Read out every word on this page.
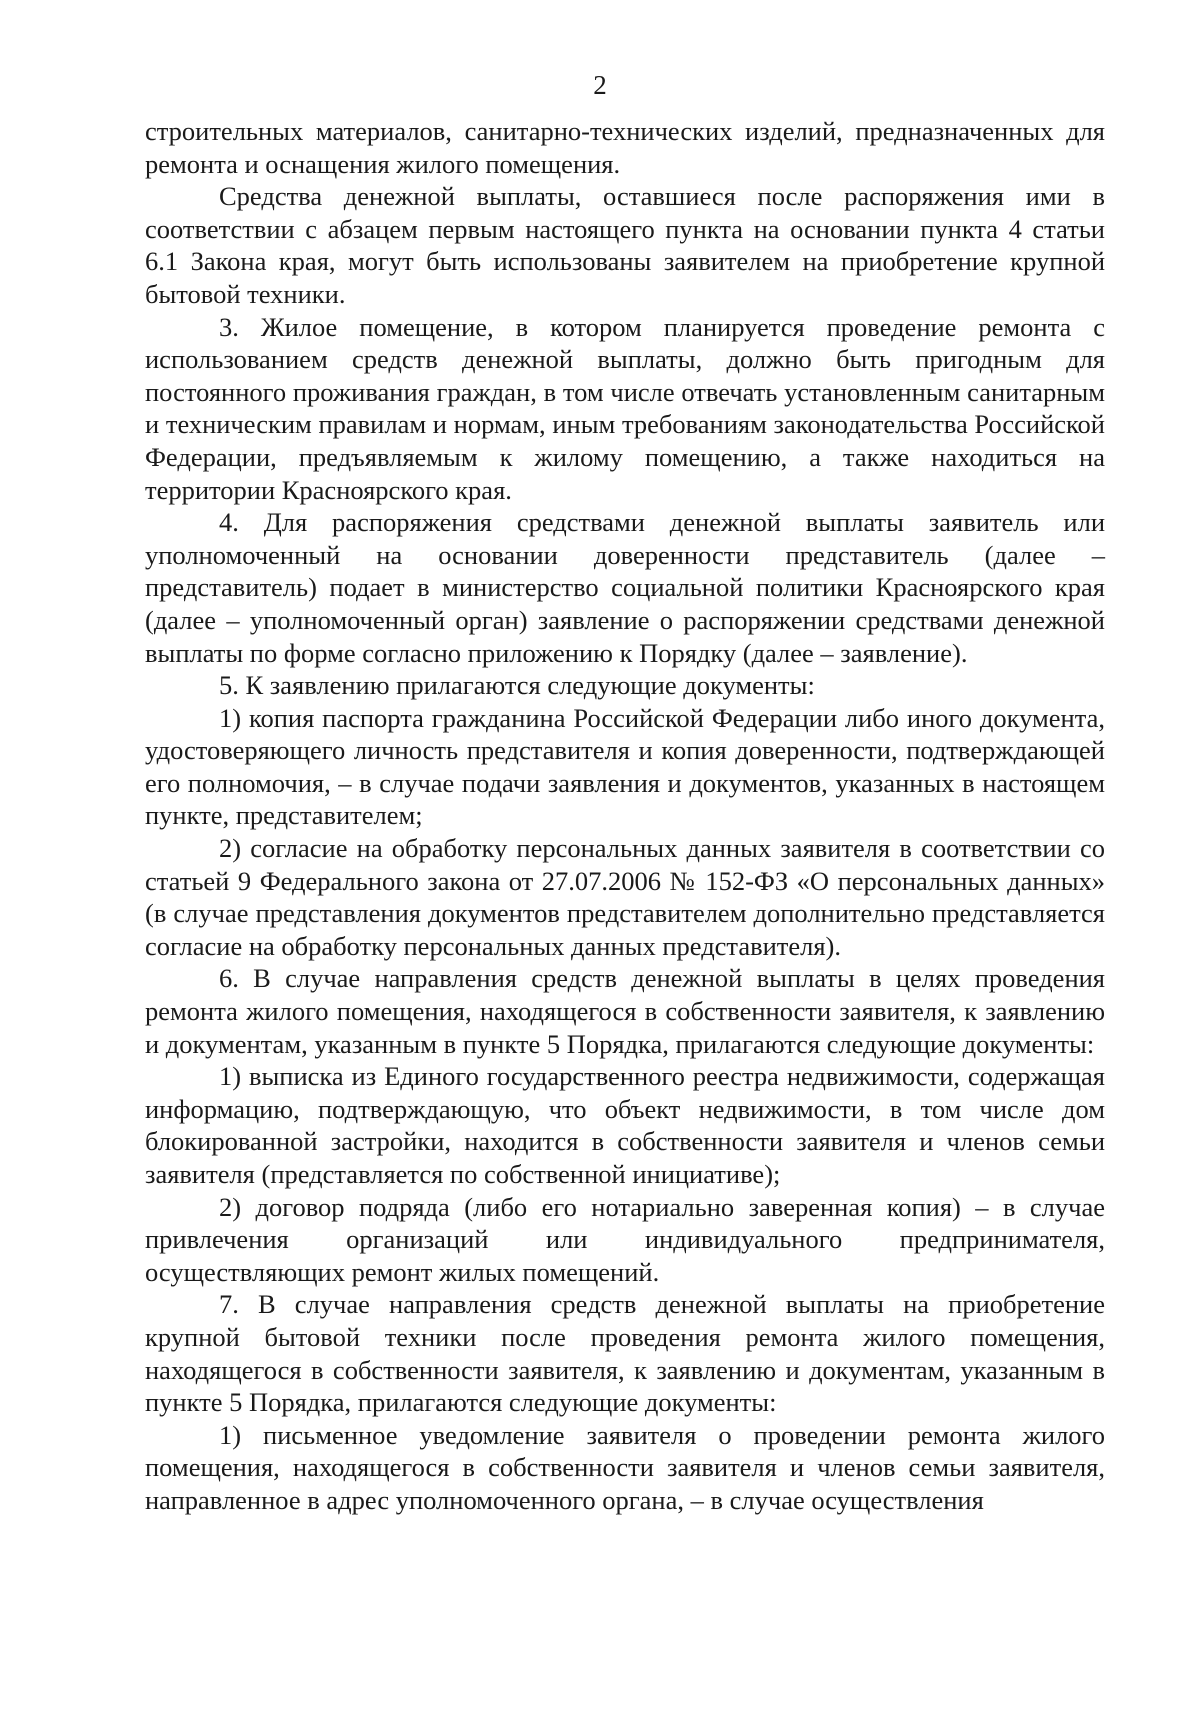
2

строительных материалов, санитарно-технических изделий, предназначенных для ремонта и оснащения жилого помещения.

Средства денежной выплаты, оставшиеся после распоряжения ими в соответствии с абзацем первым настоящего пункта на основании пункта 4 статьи 6.1 Закона края, могут быть использованы заявителем на приобретение крупной бытовой техники.

3. Жилое помещение, в котором планируется проведение ремонта с использованием средств денежной выплаты, должно быть пригодным для постоянного проживания граждан, в том числе отвечать установленным санитарным и техническим правилам и нормам, иным требованиям законодательства Российской Федерации, предъявляемым к жилому помещению, а также находиться на территории Красноярского края.

4. Для распоряжения средствами денежной выплаты заявитель или уполномоченный на основании доверенности представитель (далее – представитель) подает в министерство социальной политики Красноярского края (далее – уполномоченный орган) заявление о распоряжении средствами денежной выплаты по форме согласно приложению к Порядку (далее – заявление).

5. К заявлению прилагаются следующие документы:

1) копия паспорта гражданина Российской Федерации либо иного документа, удостоверяющего личность представителя и копия доверенности, подтверждающей его полномочия, – в случае подачи заявления и документов, указанных в настоящем пункте, представителем;

2) согласие на обработку персональных данных заявителя в соответствии со статьей 9 Федерального закона от 27.07.2006 № 152-ФЗ «О персональных данных» (в случае представления документов представителем дополнительно представляется согласие на обработку персональных данных представителя).

6. В случае направления средств денежной выплаты в целях проведения ремонта жилого помещения, находящегося в собственности заявителя, к заявлению и документам, указанным в пункте 5 Порядка, прилагаются следующие документы:

1) выписка из Единого государственного реестра недвижимости, содержащая информацию, подтверждающую, что объект недвижимости, в том числе дом блокированной застройки, находится в собственности заявителя и членов семьи заявителя (представляется по собственной инициативе);

2) договор подряда (либо его нотариально заверенная копия) – в случае привлечения организаций или индивидуального предпринимателя, осуществляющих ремонт жилых помещений.

7. В случае направления средств денежной выплаты на приобретение крупной бытовой техники после проведения ремонта жилого помещения, находящегося в собственности заявителя, к заявлению и документам, указанным в пункте 5 Порядка, прилагаются следующие документы:

1) письменное уведомление заявителя о проведении ремонта жилого помещения, находящегося в собственности заявителя и членов семьи заявителя, направленное в адрес уполномоченного органа, – в случае осуществления
